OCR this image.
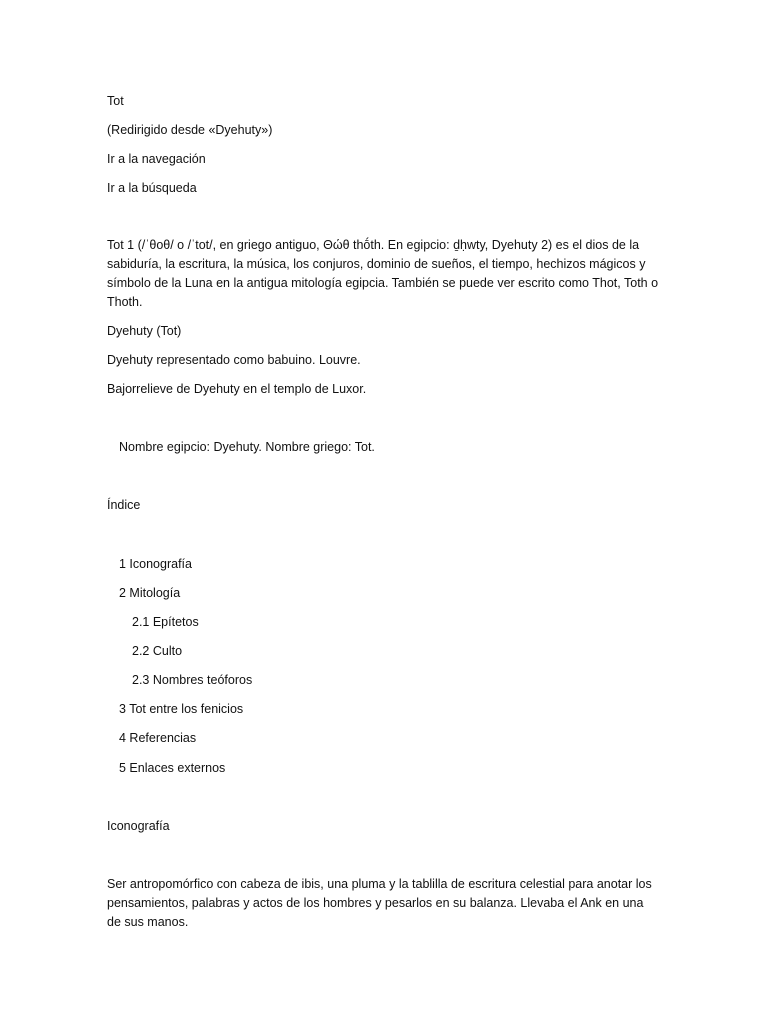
Tot
(Redirigido desde «Dyehuty»)
Ir a la navegación
Ir a la búsqueda
Tot 1 (/ˈθoθ/ o /ˈtot/, en griego antiguo, Θώθ thṓth. En egipcio: ḏḥwty, Dyehuty 2) es el dios de la sabiduría, la escritura, la música, los conjuros, dominio de sueños, el tiempo, hechizos mágicos y símbolo de la Luna en la antigua mitología egipcia. También se puede ver escrito como Thot, Toth o Thoth.
Dyehuty (Tot)
Dyehuty representado como babuino. Louvre.
Bajorrelieve de Dyehuty en el templo de Luxor.
Nombre egipcio: Dyehuty. Nombre griego: Tot.
Índice
1 Iconografía
2 Mitología
2.1 Epítetos
2.2 Culto
2.3 Nombres teóforos
3 Tot entre los fenicios
4 Referencias
5 Enlaces externos
Iconografía
Ser antropomórfico con cabeza de ibis, una pluma y la tablilla de escritura celestial para anotar los pensamientos, palabras y actos de los hombres y pesarlos en su balanza. Llevaba el Ank en una de sus manos.
